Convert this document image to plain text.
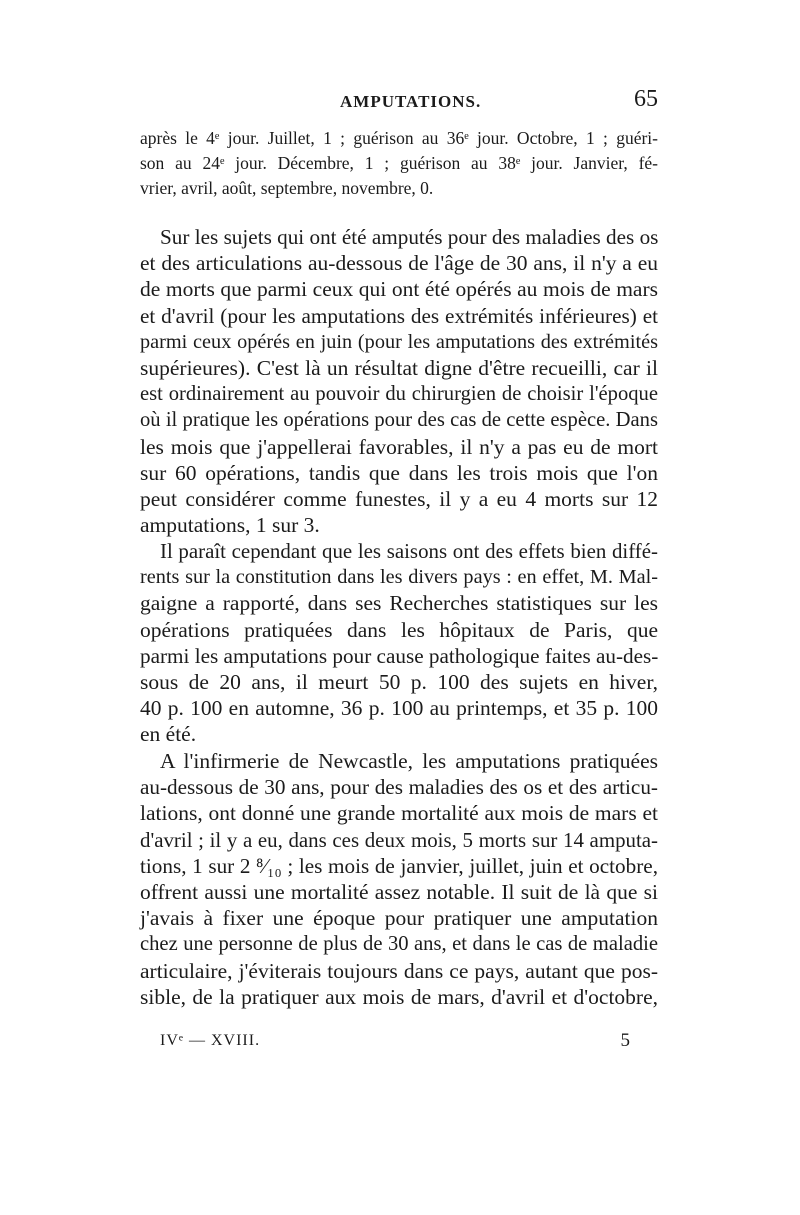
AMPUTATIONS.	65
après le 4ᵉ jour. Juillet, 1 ; guérison au 36ᵉ jour. Octobre, 1 ; guéri-
son au 24ᵉ jour. Décembre, 1 ; guérison au 38ᵉ jour. Janvier, fé-
vrier, avril, août, septembre, novembre, 0.
Sur les sujets qui ont été amputés pour des maladies des os
et des articulations au-dessous de l'âge de 30 ans, il n'y a eu
de morts que parmi ceux qui ont été opérés au mois de mars
et d'avril (pour les amputations des extrémités inférieures) et
parmi ceux opérés en juin (pour les amputations des extrémités
supérieures). C'est là un résultat digne d'être recueilli, car il
est ordinairement au pouvoir du chirurgien de choisir l'époque
où il pratique les opérations pour des cas de cette espèce. Dans
les mois que j'appellerai favorables, il n'y a pas eu de mort
sur 60 opérations, tandis que dans les trois mois que l'on
peut considérer comme funestes, il y a eu 4 morts sur 12
amputations, 1 sur 3.
Il paraît cependant que les saisons ont des effets bien diffé-
rents sur la constitution dans les divers pays : en effet, M. Mal-
gaigne a rapporté, dans ses Recherches statistiques sur les
opérations pratiquées dans les hôpitaux de Paris, que
parmi les amputations pour cause pathologique faites au-des-
sous de 20 ans, il meurt 50 p. 100 des sujets en hiver,
40 p. 100 en automne, 36 p. 100 au printemps, et 35 p. 100
en été.
A l'infirmerie de Newcastle, les amputations pratiquées
au-dessous de 30 ans, pour des maladies des os et des articu-
lations, ont donné une grande mortalité aux mois de mars et
d'avril ; il y a eu, dans ces deux mois, 5 morts sur 14 amputa-
tions, 1 sur 2 ⁸⁄₁₀ ; les mois de janvier, juillet, juin et octobre,
offrent aussi une mortalité assez notable. Il suit de là que si
j'avais à fixer une époque pour pratiquer une amputation
chez une personne de plus de 30 ans, et dans le cas de maladie
articulaire, j'éviterais toujours dans ce pays, autant que pos-
sible, de la pratiquer aux mois de mars, d'avril et d'octobre,
IVᵉ — XVIII.	5
